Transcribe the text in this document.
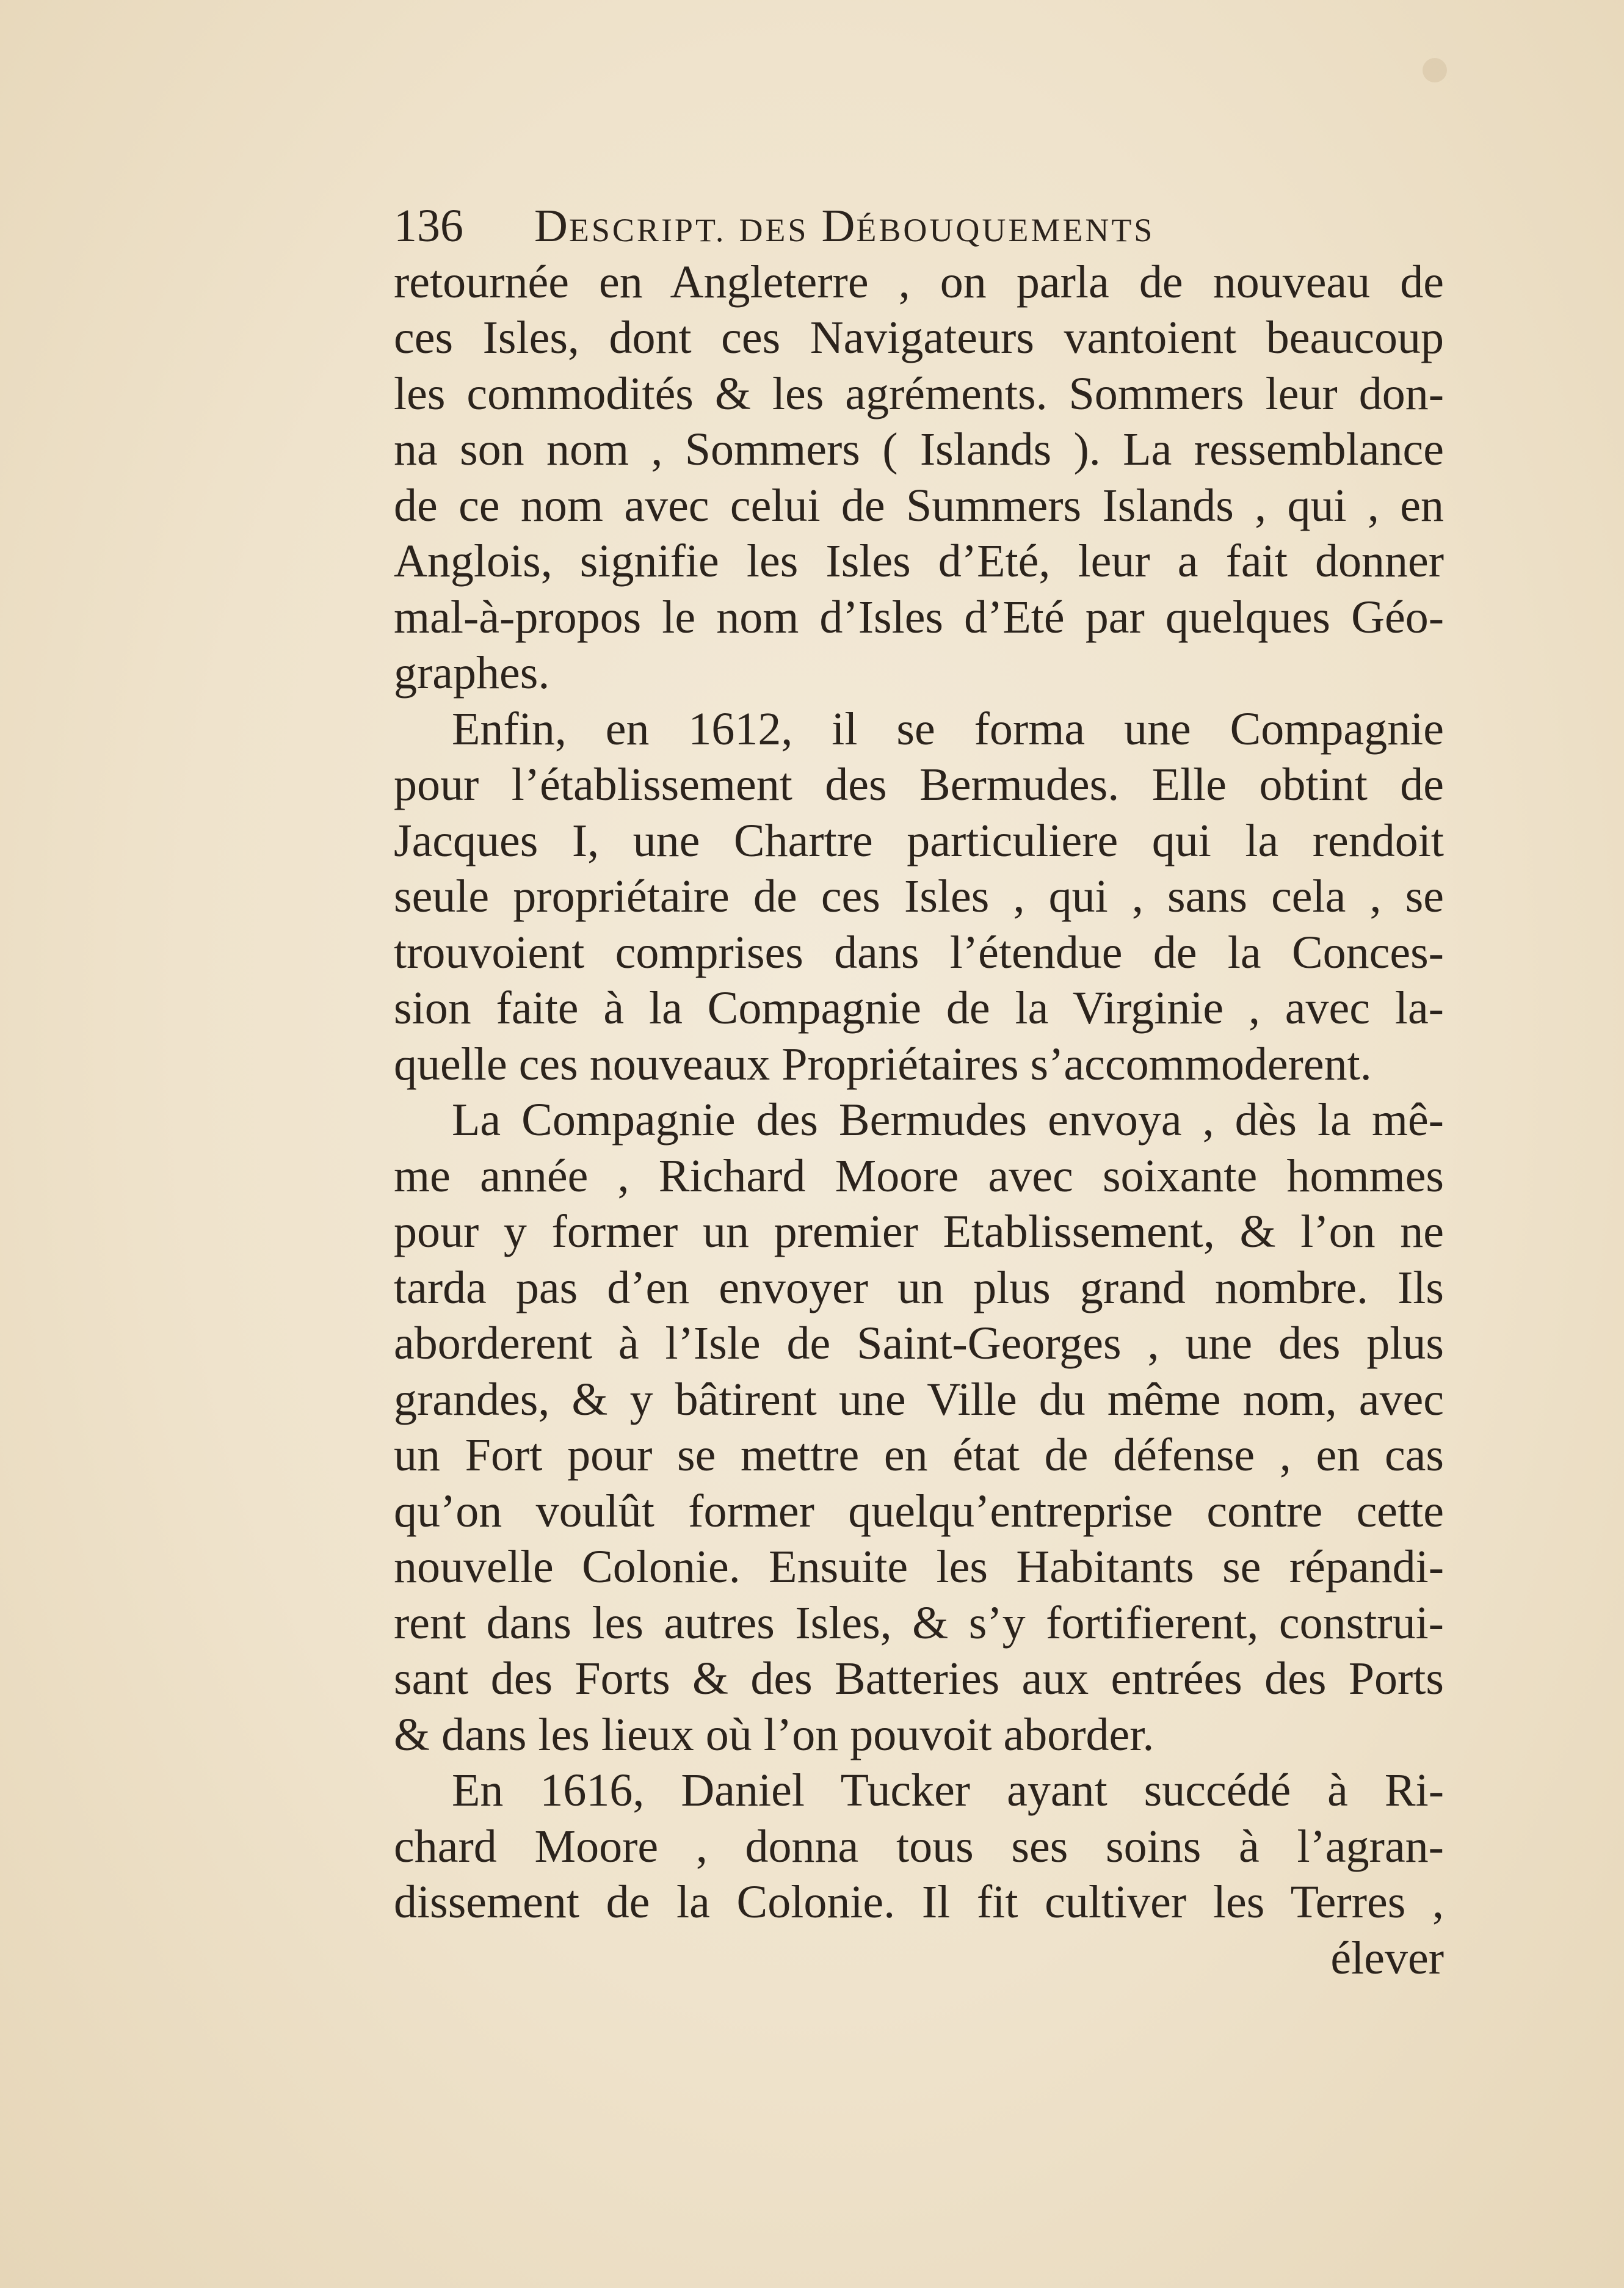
136	DESCRIPT. DES DÉBOUQUEMENTS
retournée en Angleterre , on parla de nouveau de
ces Isles, dont ces Navigateurs vantoient beaucoup
les commodités & les agréments. Sommers leur don-
na son nom , Sommers ( Islands ). La ressemblance
de ce nom avec celui de Summers Islands , qui , en
Anglois, signifie les Isles d’Eté, leur a fait donner
mal-à-propos le nom d’Isles d’Eté par quelques Géo-
graphes.
Enfin, en 1612, il se forma une Compagnie
pour l’établissement des Bermudes. Elle obtint de
Jacques I, une Chartre particuliere qui la rendoit
seule propriétaire de ces Isles , qui , sans cela , se
trouvoient comprises dans l’étendue de la Conces-
sion faite à la Compagnie de la Virginie , avec la-
quelle ces nouveaux Propriétaires s’accommoderent.
La Compagnie des Bermudes envoya , dès la mê-
me année , Richard Moore avec soixante hommes
pour y former un premier Etablissement, & l’on ne
tarda pas d’en envoyer un plus grand nombre. Ils
aborderent à l’Isle de Saint-Georges , une des plus
grandes, & y bâtirent une Ville du même nom, avec
un Fort pour se mettre en état de défense , en cas
qu’on voulût former quelqu’entreprise contre cette
nouvelle Colonie. Ensuite les Habitants se répandi-
rent dans les autres Isles, & s’y fortifierent, construi-
sant des Forts & des Batteries aux entrées des Ports
& dans les lieux où l’on pouvoit aborder.
En 1616, Daniel Tucker ayant succédé à Ri-
chard Moore , donna tous ses soins à l’agran-
dissement de la Colonie. Il fit cultiver les Terres ,
élever
